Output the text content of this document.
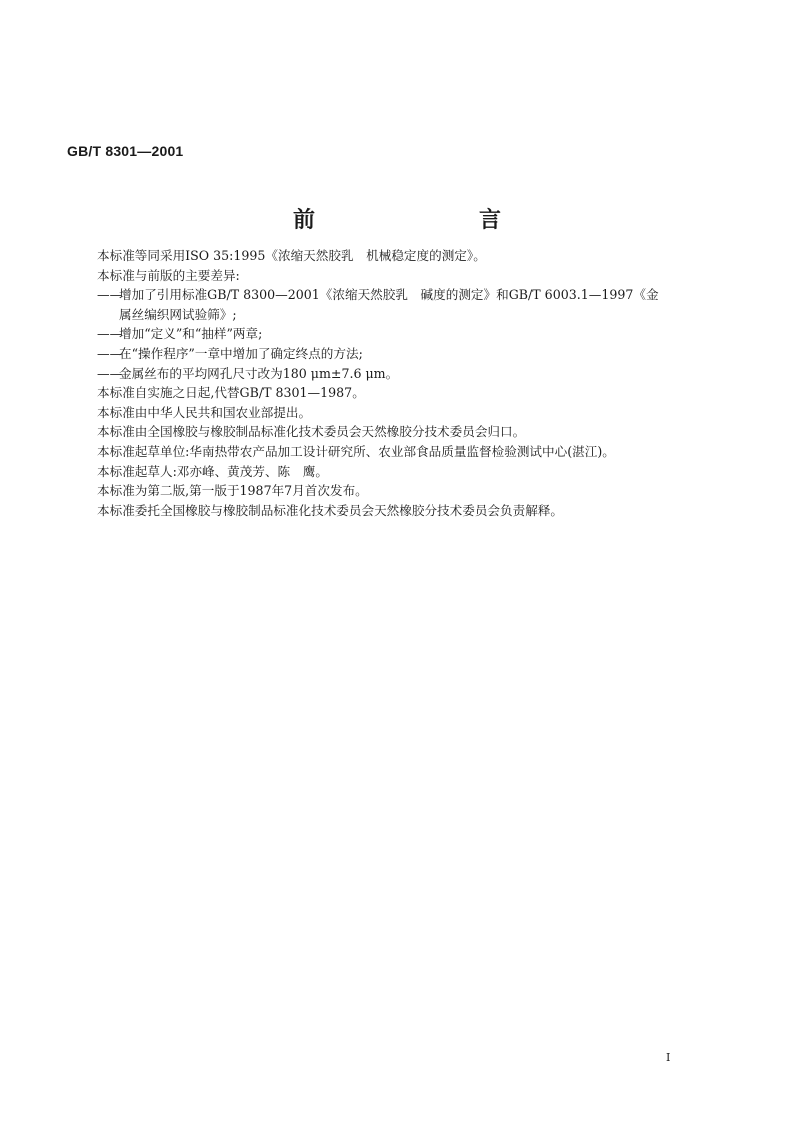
GB/T 8301—2001
前　　言
本标准等同采用ISO 35:1995《浓缩天然胶乳　机械稳定度的测定》。
本标准与前版的主要差异:
——
增加了引用标准GB/T 8300—2001《浓缩天然胶乳　碱度的测定》和GB/T 6003.1—1997《金
属丝编织网试验筛》;
——
增加“定义”和“抽样”两章;
——
在“操作程序”一章中增加了确定终点的方法;
——
金属丝布的平均网孔尺寸改为180 μm±7.6 μm。
本标准自实施之日起,代替GB/T 8301—1987。
本标准由中华人民共和国农业部提出。
本标准由全国橡胶与橡胶制品标准化技术委员会天然橡胶分技术委员会归口。
本标准起草单位:华南热带农产品加工设计研究所、农业部食品质量监督检验测试中心(湛江)。
本标准起草人:邓亦峰、黄茂芳、陈　鹰。
本标准为第二版,第一版于1987年7月首次发布。
本标准委托全国橡胶与橡胶制品标准化技术委员会天然橡胶分技术委员会负责解释。
I
